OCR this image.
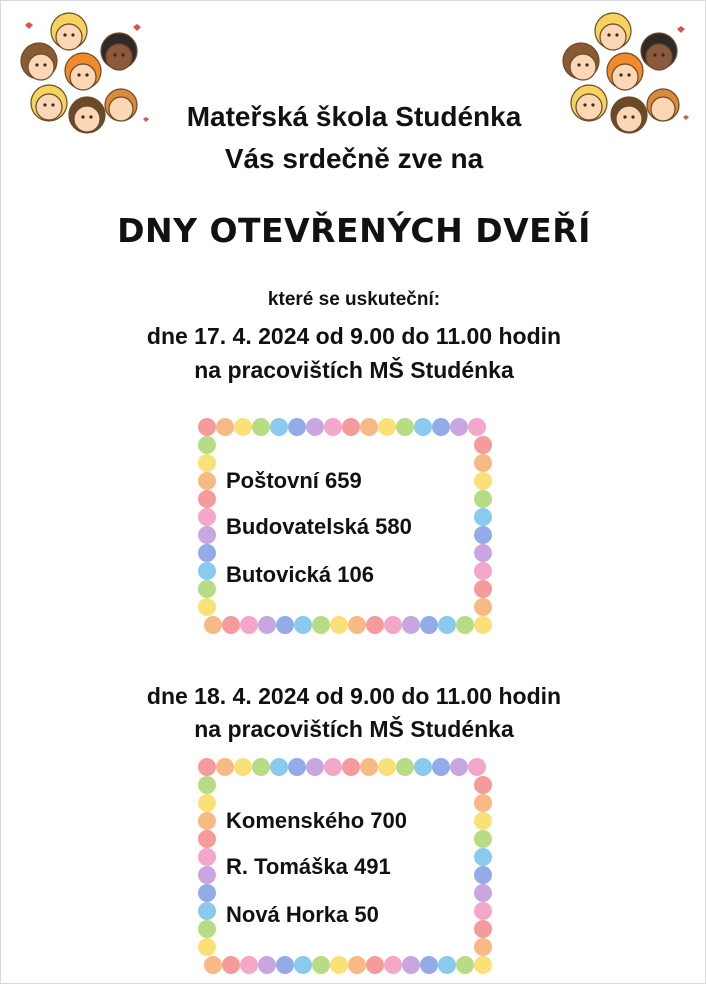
Mateřská škola Studénka
Vás srdečně zve na
DNY OTEVŘENÝCH DVEŘÍ
které se uskuteční:
dne 17. 4. 2024 od 9.00 do 11.00 hodin
na pracovištích MŠ Studénka
Poštovní 659
Budovatelská 580
Butovická 106
dne 18. 4. 2024 od 9.00 do 11.00 hodin
na pracovištích MŠ Studénka
Komenského 700
R. Tomáška 491
Nová Horka 50
